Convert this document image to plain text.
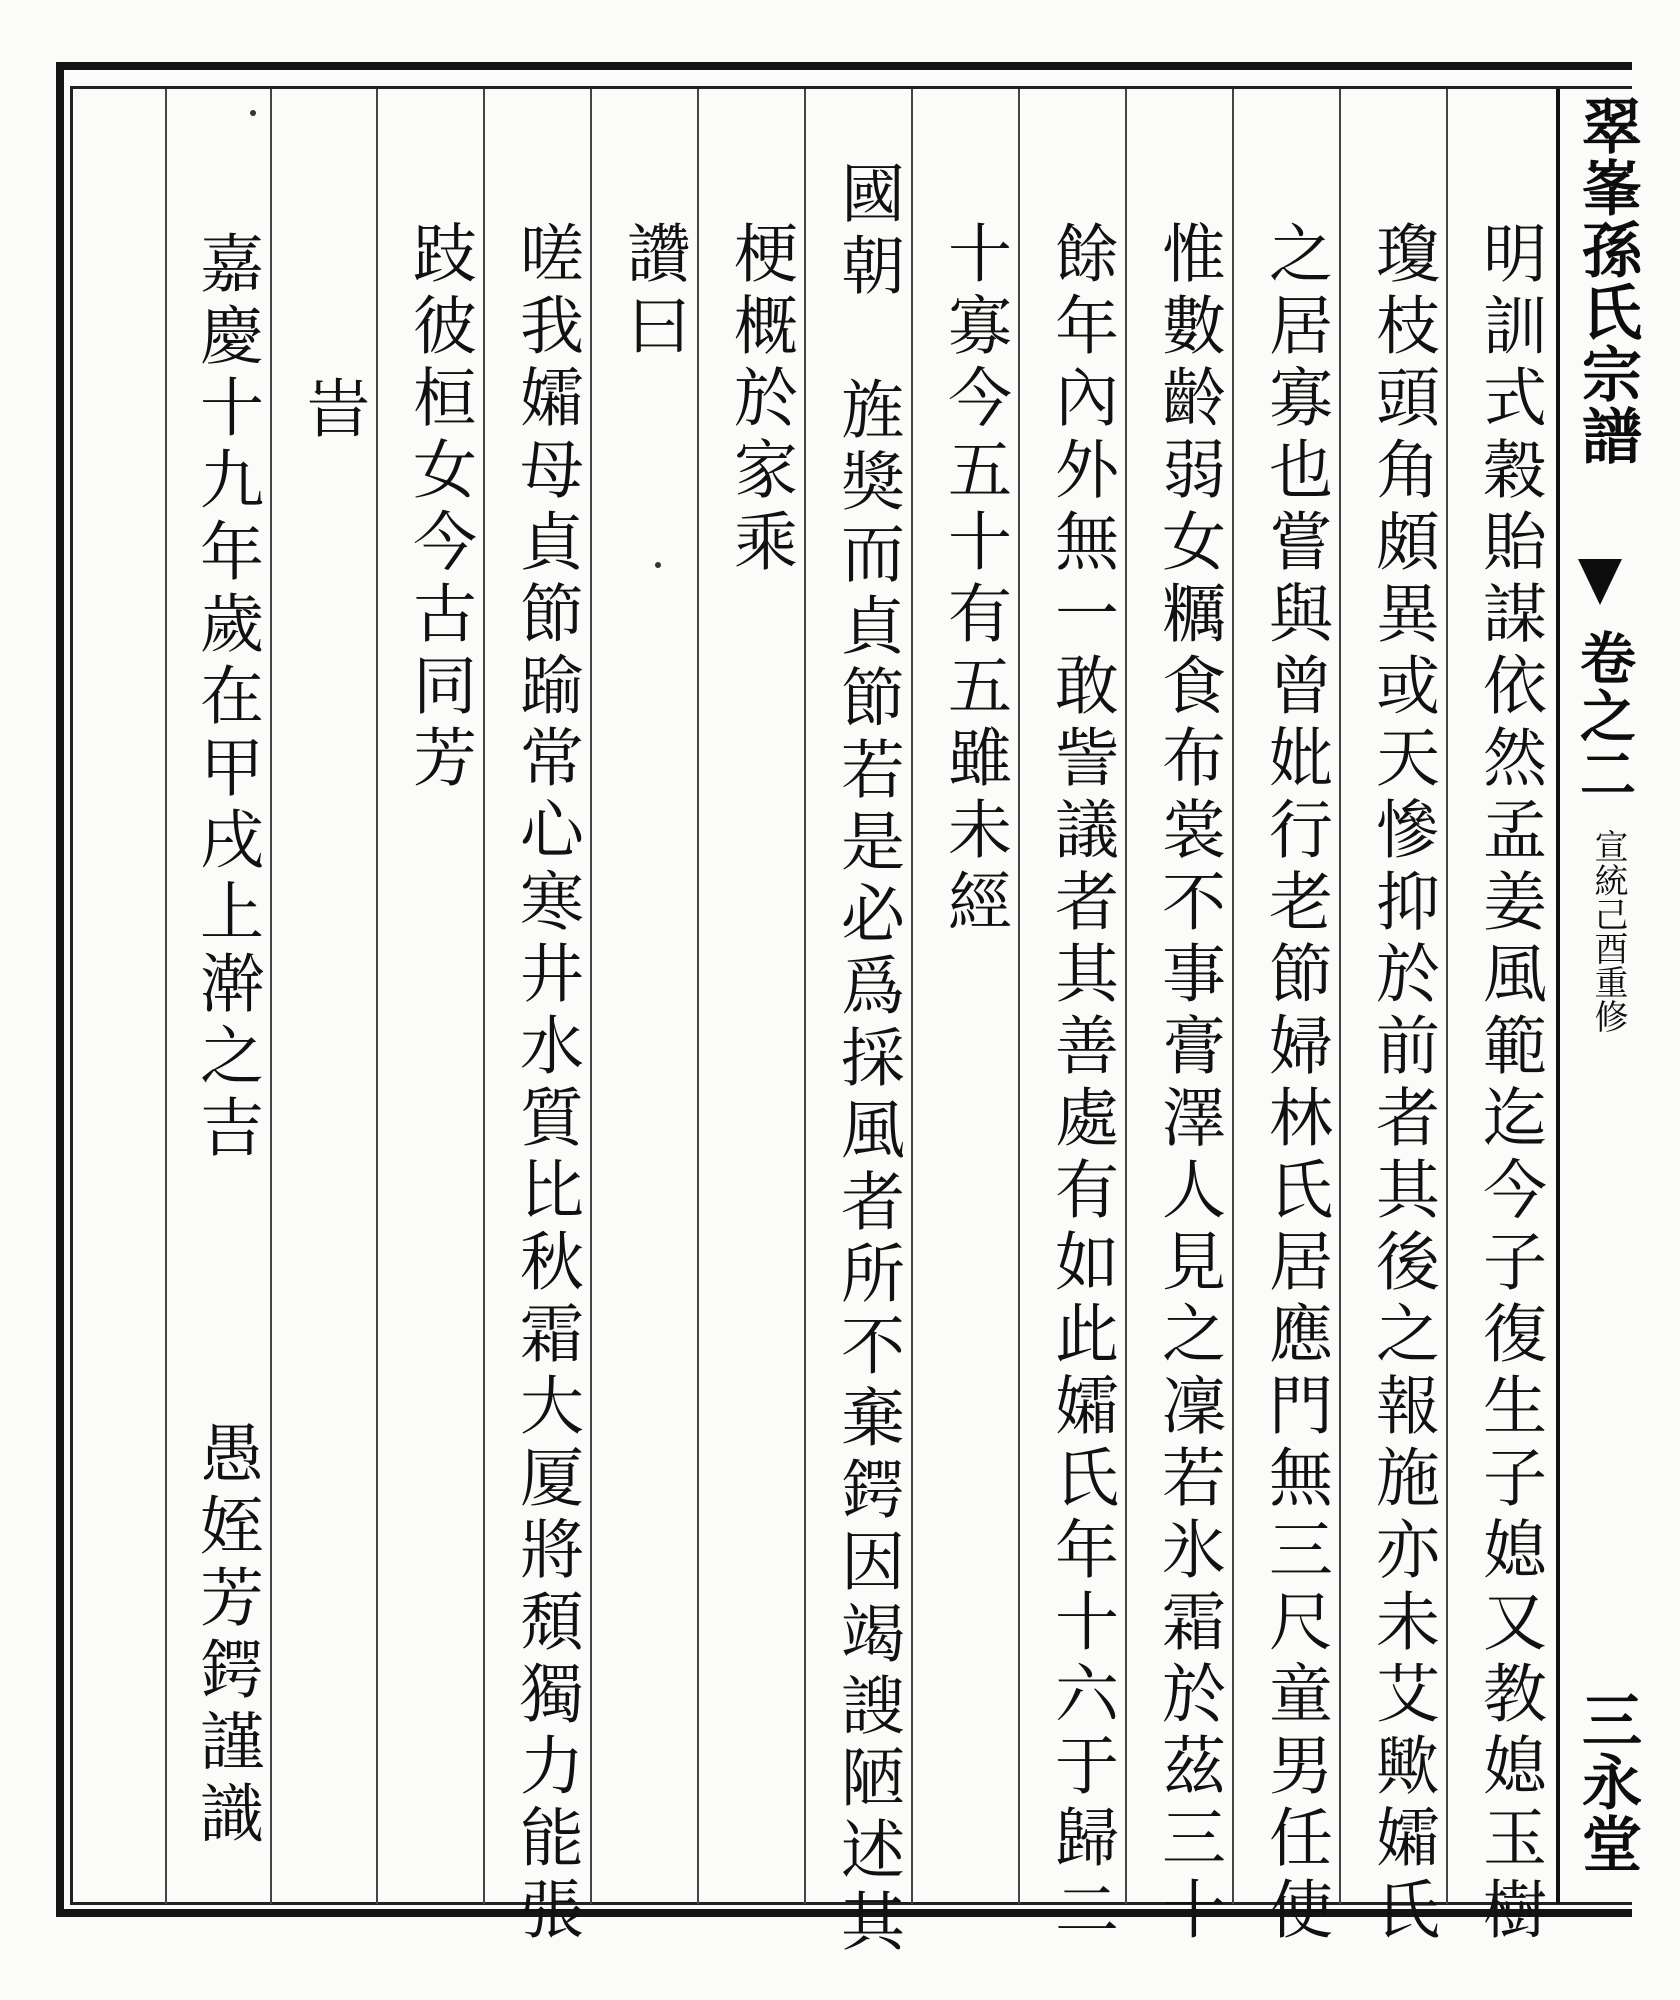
翠峯孫氏宗譜
卷之二
宣統己酉重修
三永堂
明訓式穀貽謀依然孟姜風範迄今子復生子媳又教媳玉樹
瓊枝頭角頗異或天慘抑於前者其後之報施亦未艾歟孀氏
之居寡也嘗與曾妣行老節婦林氏居應門無三尺童男任使
惟數齡弱女糲食布裳不事膏澤人見之凜若氷霜於茲三十
餘年內外無一敢訾議者其善處有如此孀氏年十六于歸二
十寡今五十有五雖未經
國朝
旌獎而貞節若是必爲採風者所不棄鍔因竭謏陋述其
梗概於家乘
讚曰
嗟我孀母貞節踰常心寒井水質比秋霜大厦將頹獨力能張
跂彼桓女今古同芳
旹
嘉慶十九年歲在甲戌上澣之吉
愚姪芳鍔謹識
